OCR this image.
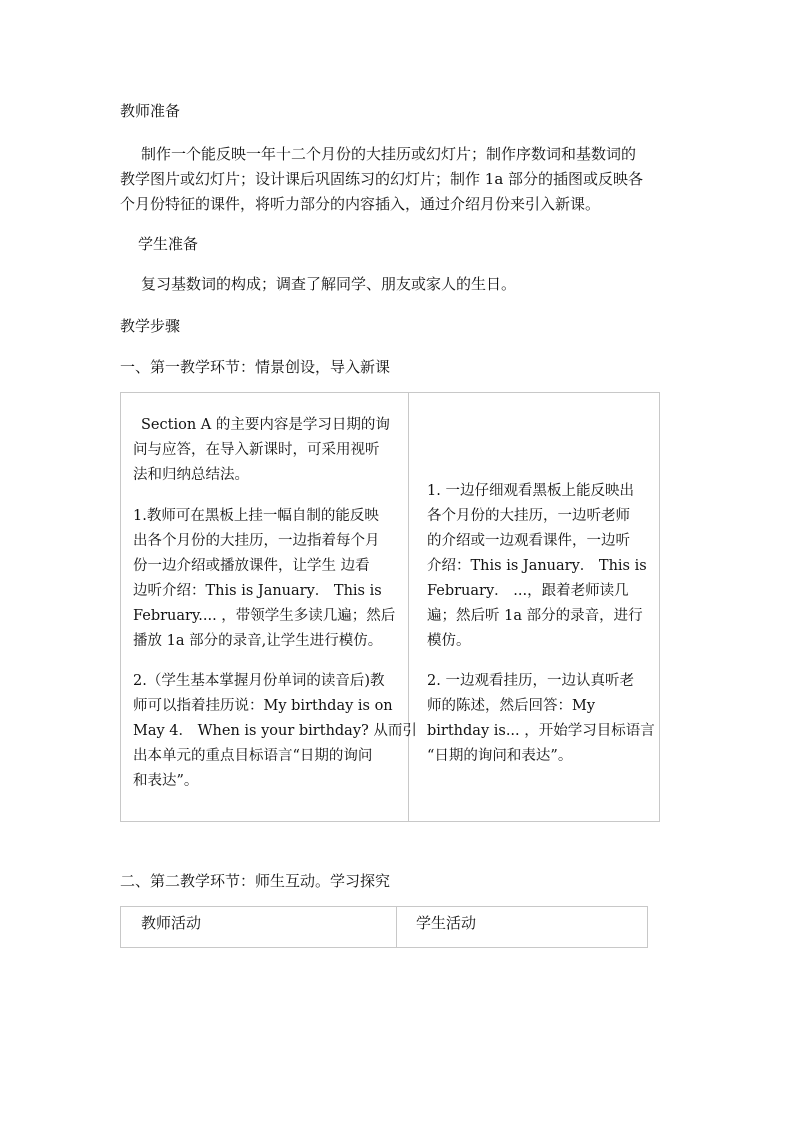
教师准备
制作一个能反映一年十二个月份的大挂历或幻灯片；制作序数词和基数词的
教学图片或幻灯片；设计课后巩固练习的幻灯片；制作 1a 部分的插图或反映各
个月份特征的课件，将听力部分的内容插入，通过介绍月份来引入新课。
学生准备
复习基数词的构成；调查了解同学、朋友或家人的生日。
教学步骤
一、第一教学环节：情景创设，导入新课
Section A 的主要内容是学习日期的询
问与应答，在导入新课时，可采用视听
法和归纳总结法。
1.教师可在黑板上挂一幅自制的能反映
出各个月份的大挂历，一边指着每个月
份一边介绍或播放课件，让学生 边看
边听介绍：This is January． This is
February.... ，带领学生多读几遍；然后
播放 1a 部分的录音,让学生进行模仿。
2.（学生基本掌握月份单词的读音后)教
师可以指着挂历说：My birthday is on
May 4． When is your birthday? 从而引
出本单元的重点目标语言“日期的询问
和表达”。
1. 一边仔细观看黑板上能反映出
各个月份的大挂历，一边听老师
的介绍或一边观看课件，一边听
介绍：This is January． This is
February． ...，跟着老师读几
遍；然后听 1a 部分的录音，进行
模仿。
2. 一边观看挂历，一边认真听老
师的陈述，然后回答：My
birthday is... ，开始学习目标语言
“日期的询问和表达”。
二、第二教学环节：师生互动。学习探究
教师活动	学生活动
